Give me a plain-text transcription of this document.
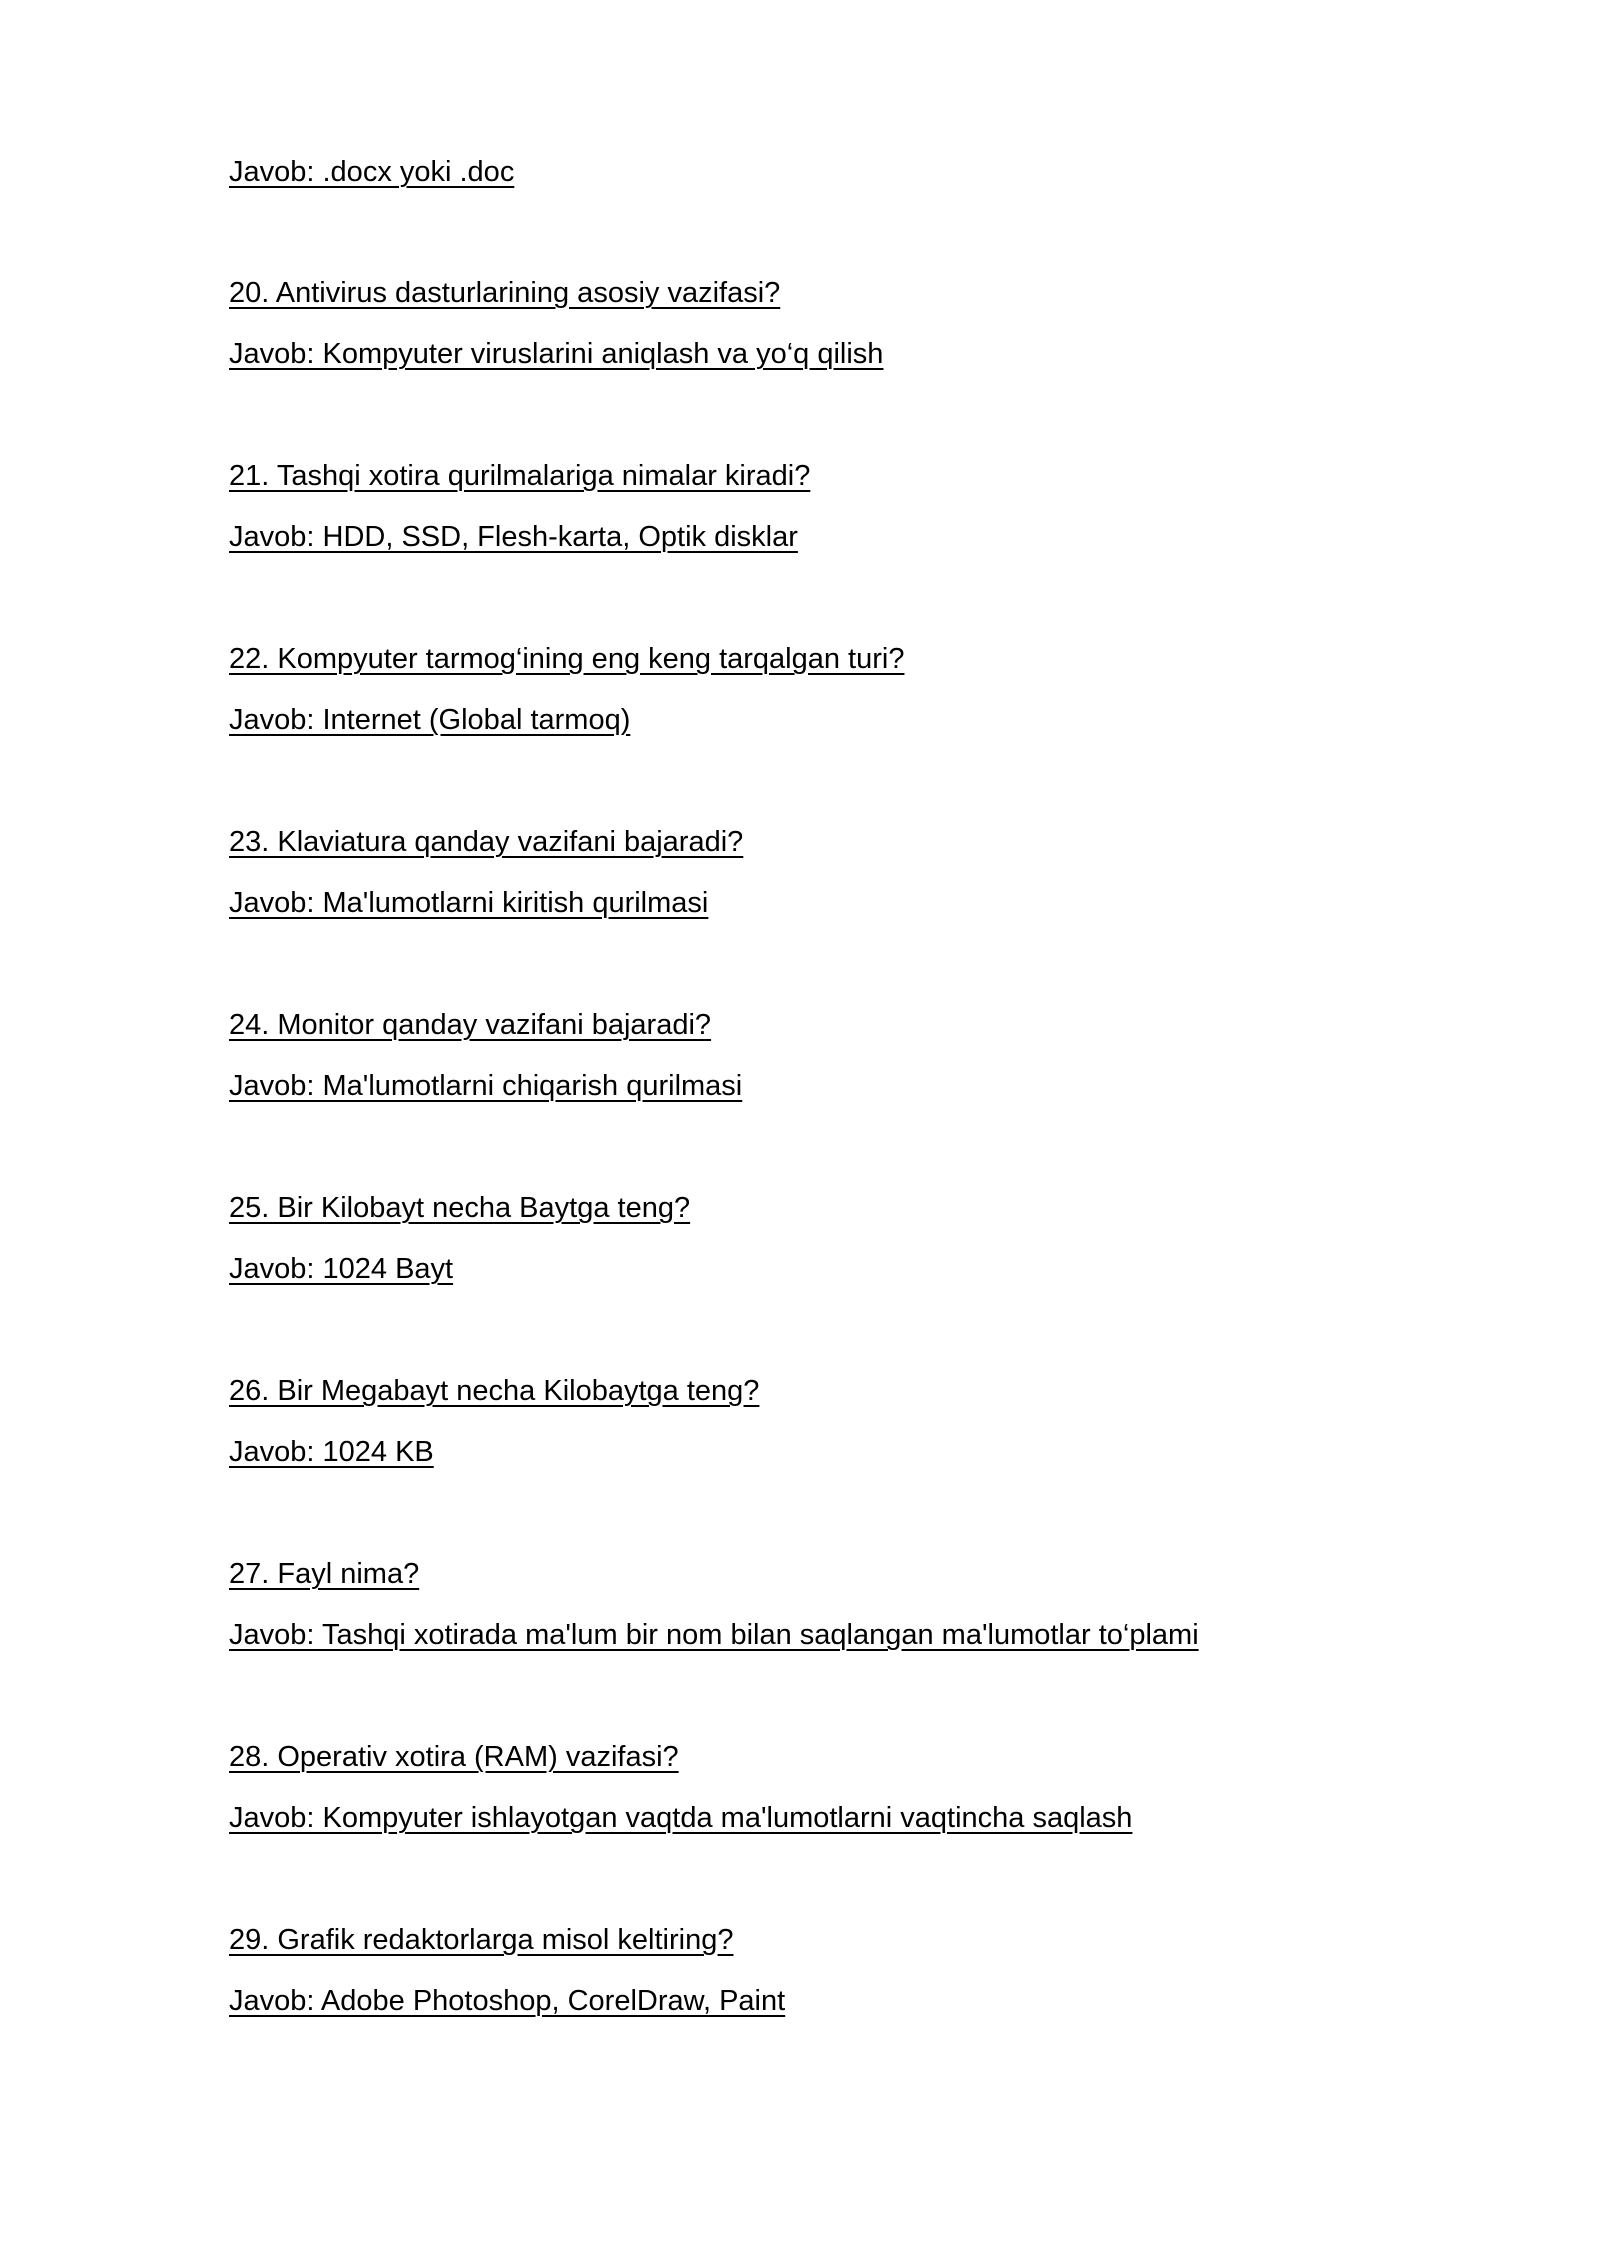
Javob: .docx yoki .doc
20. Antivirus dasturlarining asosiy vazifasi?
Javob: Kompyuter viruslarini aniqlash va yo‘q qilish
21. Tashqi xotira qurilmalariga nimalar kiradi?
Javob: HDD, SSD, Flesh-karta, Optik disklar
22. Kompyuter tarmog‘ining eng keng tarqalgan turi?
Javob: Internet (Global tarmoq)
23. Klaviatura qanday vazifani bajaradi?
Javob: Ma'lumotlarni kiritish qurilmasi
24. Monitor qanday vazifani bajaradi?
Javob: Ma'lumotlarni chiqarish qurilmasi
25. Bir Kilobayt necha Baytga teng?
Javob: 1024 Bayt
26. Bir Megabayt necha Kilobaytga teng?
Javob: 1024 KB
27. Fayl nima?
Javob: Tashqi xotirada ma'lum bir nom bilan saqlangan ma'lumotlar to‘plami
28. Operativ xotira (RAM) vazifasi?
Javob: Kompyuter ishlayotgan vaqtda ma'lumotlarni vaqtincha saqlash
29. Grafik redaktorlarga misol keltiring?
Javob: Adobe Photoshop, CorelDraw, Paint
